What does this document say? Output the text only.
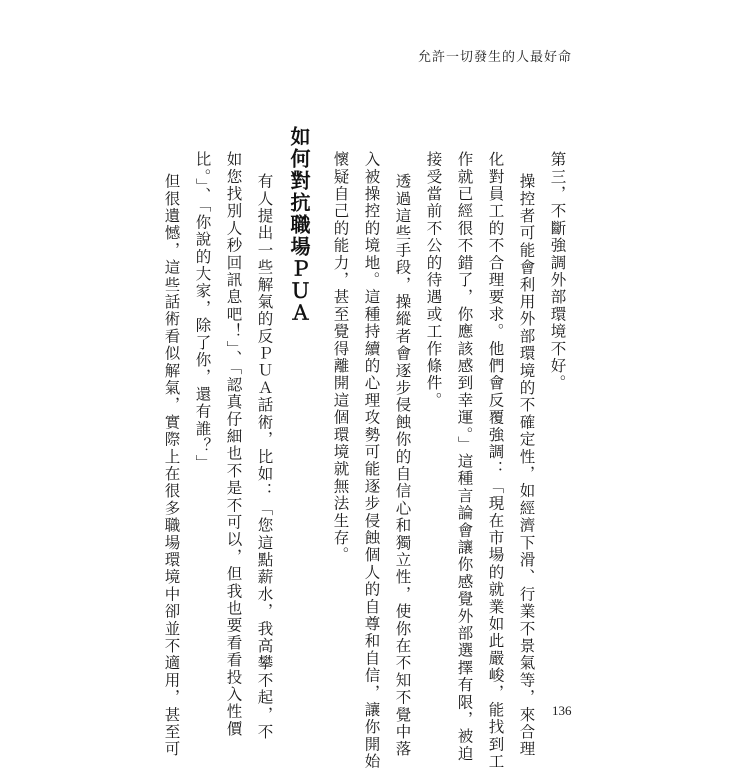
允許一切發生的人最好命
第三，不斷強調外部環境不好。
操控者可能會利用外部環境的不確定性，如經濟下滑、行業不景氣等，來合理
化對員工的不合理要求。他們會反覆強調：「現在市場的就業如此嚴峻，能找到工
作就已經很不錯了，你應該感到幸運。」這種言論會讓你感覺外部選擇有限，被迫
接受當前不公的待遇或工作條件。
透過這些手段，操縱者會逐步侵蝕你的自信心和獨立性，使你在不知不覺中落
入被操控的境地。這種持續的心理攻勢可能逐步侵蝕個人的自尊和自信，讓你開始
懷疑自己的能力，甚至覺得離開這個環境就無法生存。
如何對抗職場ＰＵＡ
有人提出一些解氣的反ＰＵＡ話術，比如：「您這點薪水，我高攀不起，不
如您找別人秒回訊息吧！」、「認真仔細也不是不可以，但我也要看看投入性價
比。」、「你說的大家，除了你，還有誰？」
但很遺憾，這些話術看似解氣，實際上在很多職場環境中卻並不適用，甚至可	136
